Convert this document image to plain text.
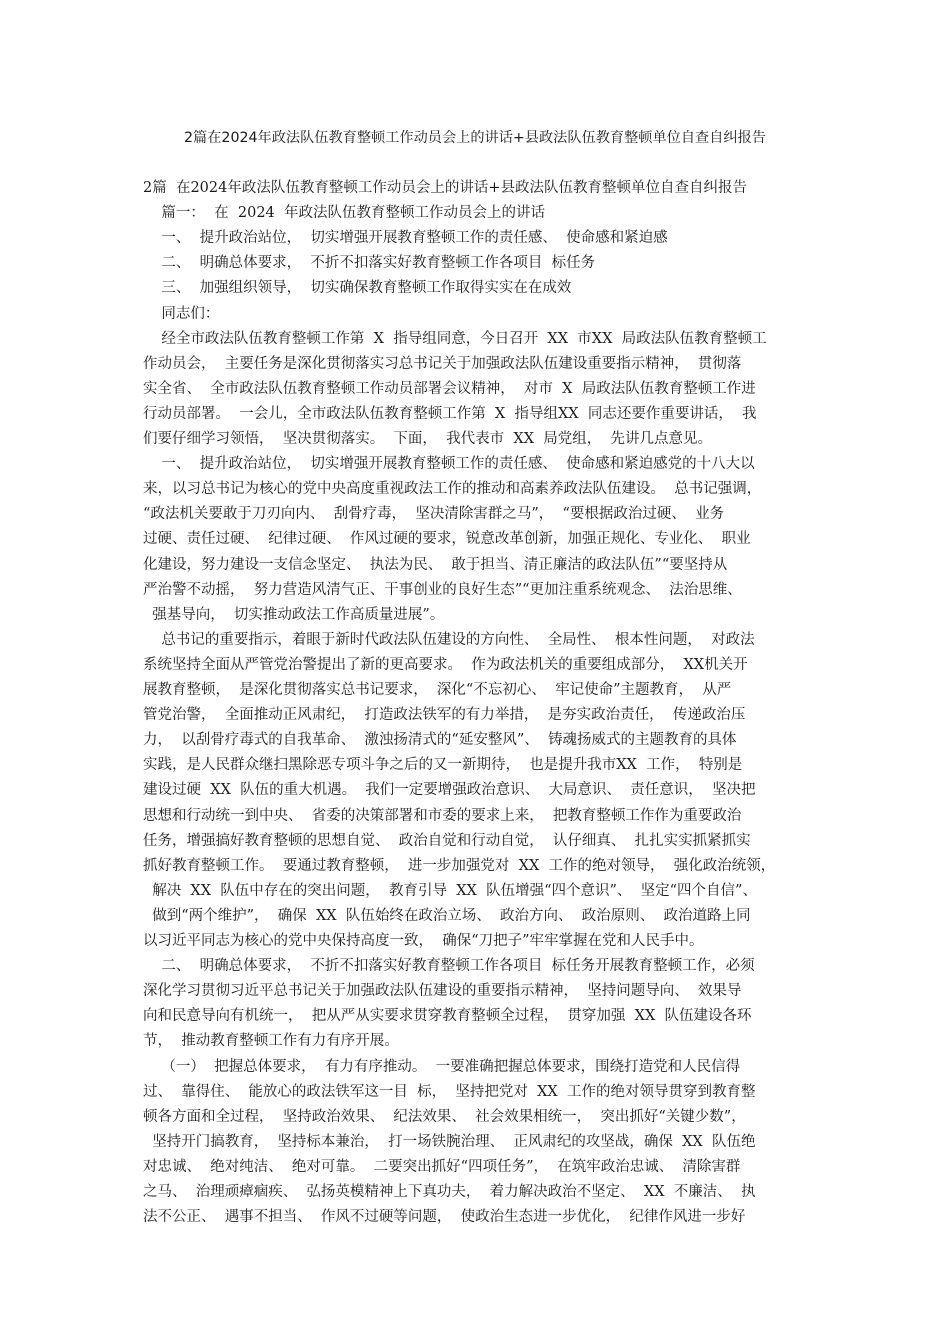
2篇在2024年政法队伍教育整顿工作动员会上的讲话+县政法队伍教育整顿单位自查自纠报告
2篇  在2024年政法队伍教育整顿工作动员会上的讲话+县政法队伍教育整顿单位自查自纠报告
篇一：  在  2024  年政法队伍教育整顿工作动员会上的讲话
一、  提升政治站位，  切实增强开展教育整顿工作的责任感、  使命感和紧迫感
二、  明确总体要求，  不折不扣落实好教育整顿工作各项目  标任务
三、  加强组织领导，  切实确保教育整顿工作取得实实在在成效
同志们：
经全市政法队伍教育整顿工作第  X  指导组同意，今日召开  XX  市XX  局政法队伍教育整顿工
作动员会，  主要任务是深化贯彻落实习总书记关于加强政法队伍建设重要指示精神，  贯彻落
实全省、  全市政法队伍教育整顿工作动员部署会议精神，  对市  X  局政法队伍教育整顿工作进
行动员部署。  一会儿，全市政法队伍教育整顿工作第  X  指导组XX  同志还要作重要讲话，  我
们要仔细学习领悟，  坚决贯彻落实。  下面，  我代表市  XX  局党组，  先讲几点意见。
一、  提升政治站位，  切实增强开展教育整顿工作的责任感、  使命感和紧迫感党的十八大以
来，以习总书记为核心的党中央高度重视政法工作的推动和高素养政法队伍建设。  总书记强调，
“政法机关要敢于刀刃向内、  刮骨疗毒，  坚决清除害群之马”，  “要根据政治过硬、  业务
过硬、责任过硬、  纪律过硬、  作风过硬的要求，锐意改革创新，加强正规化、专业化、  职业
化建设，努力建设一支信念坚定、  执法为民、  敢于担当、清正廉洁的政法队伍”“要坚持从
严治警不动摇，  努力营造风清气正、干事创业的良好生态”“更加注重系统观念、  法治思维、
强基导向，  切实推动政法工作高质量进展”。
总书记的重要指示，着眼于新时代政法队伍建设的方向性、  全局性、  根本性问题，  对政法
系统坚持全面从严管党治警提出了新的更高要求。  作为政法机关的重要组成部分，  XX机关开
展教育整顿，  是深化贯彻落实总书记要求，  深化“不忘初心、  牢记使命”主题教育，  从严
管党治警，  全面推动正风肃纪，  打造政法铁军的有力举措，  是夯实政治责任，  传递政治压
力，  以刮骨疗毒式的自我革命、  激浊扬清式的“延安整风”、  铸魂扬威式的主题教育的具体
实践，是人民群众继扫黑除恶专项斗争之后的又一新期待，  也是提升我市XX  工作，  特别是
建设过硬  XX  队伍的重大机遇。  我们一定要增强政治意识、  大局意识、  责任意识，  坚决把
思想和行动统一到中央、  省委的决策部署和市委的要求上来，  把教育整顿工作作为重要政治
任务，增强搞好教育整顿的思想自觉、  政治自觉和行动自觉，  认仔细真、  扎扎实实抓紧抓实
抓好教育整顿工作。  要通过教育整顿，  进一步加强党对  XX  工作的绝对领导，  强化政治统领，
解决  XX  队伍中存在的突出问题，  教育引导  XX  队伍增强“四个意识”、  坚定“四个自信”、
做到“两个维护”，  确保  XX  队伍始终在政治立场、  政治方向、  政治原则、  政治道路上同
以习近平同志为核心的党中央保持高度一致，  确保“刀把子”牢牢掌握在党和人民手中。
二、  明确总体要求，  不折不扣落实好教育整顿工作各项目  标任务开展教育整顿工作，必须
深化学习贯彻习近平总书记关于加强政法队伍建设的重要指示精神，  坚持问题导向、  效果导
向和民意导向有机统一，  把从严从实要求贯穿教育整顿全过程，  贯穿加强  XX  队伍建设各环
节，  推动教育整顿工作有力有序开展。
（一）  把握总体要求，  有力有序推动。  一要准确把握总体要求，围绕打造党和人民信得
过、  靠得住、  能放心的政法铁军这一目  标，  坚持把党对  XX  工作的绝对领导贯穿到教育整
顿各方面和全过程，  坚持政治效果、  纪法效果、  社会效果相统一，  突出抓好“关键少数”，
坚持开门搞教育，  坚持标本兼治，  打一场铁腕治理、  正风肃纪的攻坚战，确保  XX  队伍绝
对忠诚、  绝对纯洁、  绝对可靠。  二要突出抓好“四项任务”，  在筑牢政治忠诚、  清除害群
之马、  治理顽瘴痼疾、  弘扬英模精神上下真功夫，  着力解决政治不坚定、  XX  不廉洁、  执
法不公正、  遇事不担当、  作风不过硬等问题，  使政治生态进一步优化，  纪律作风进一步好
